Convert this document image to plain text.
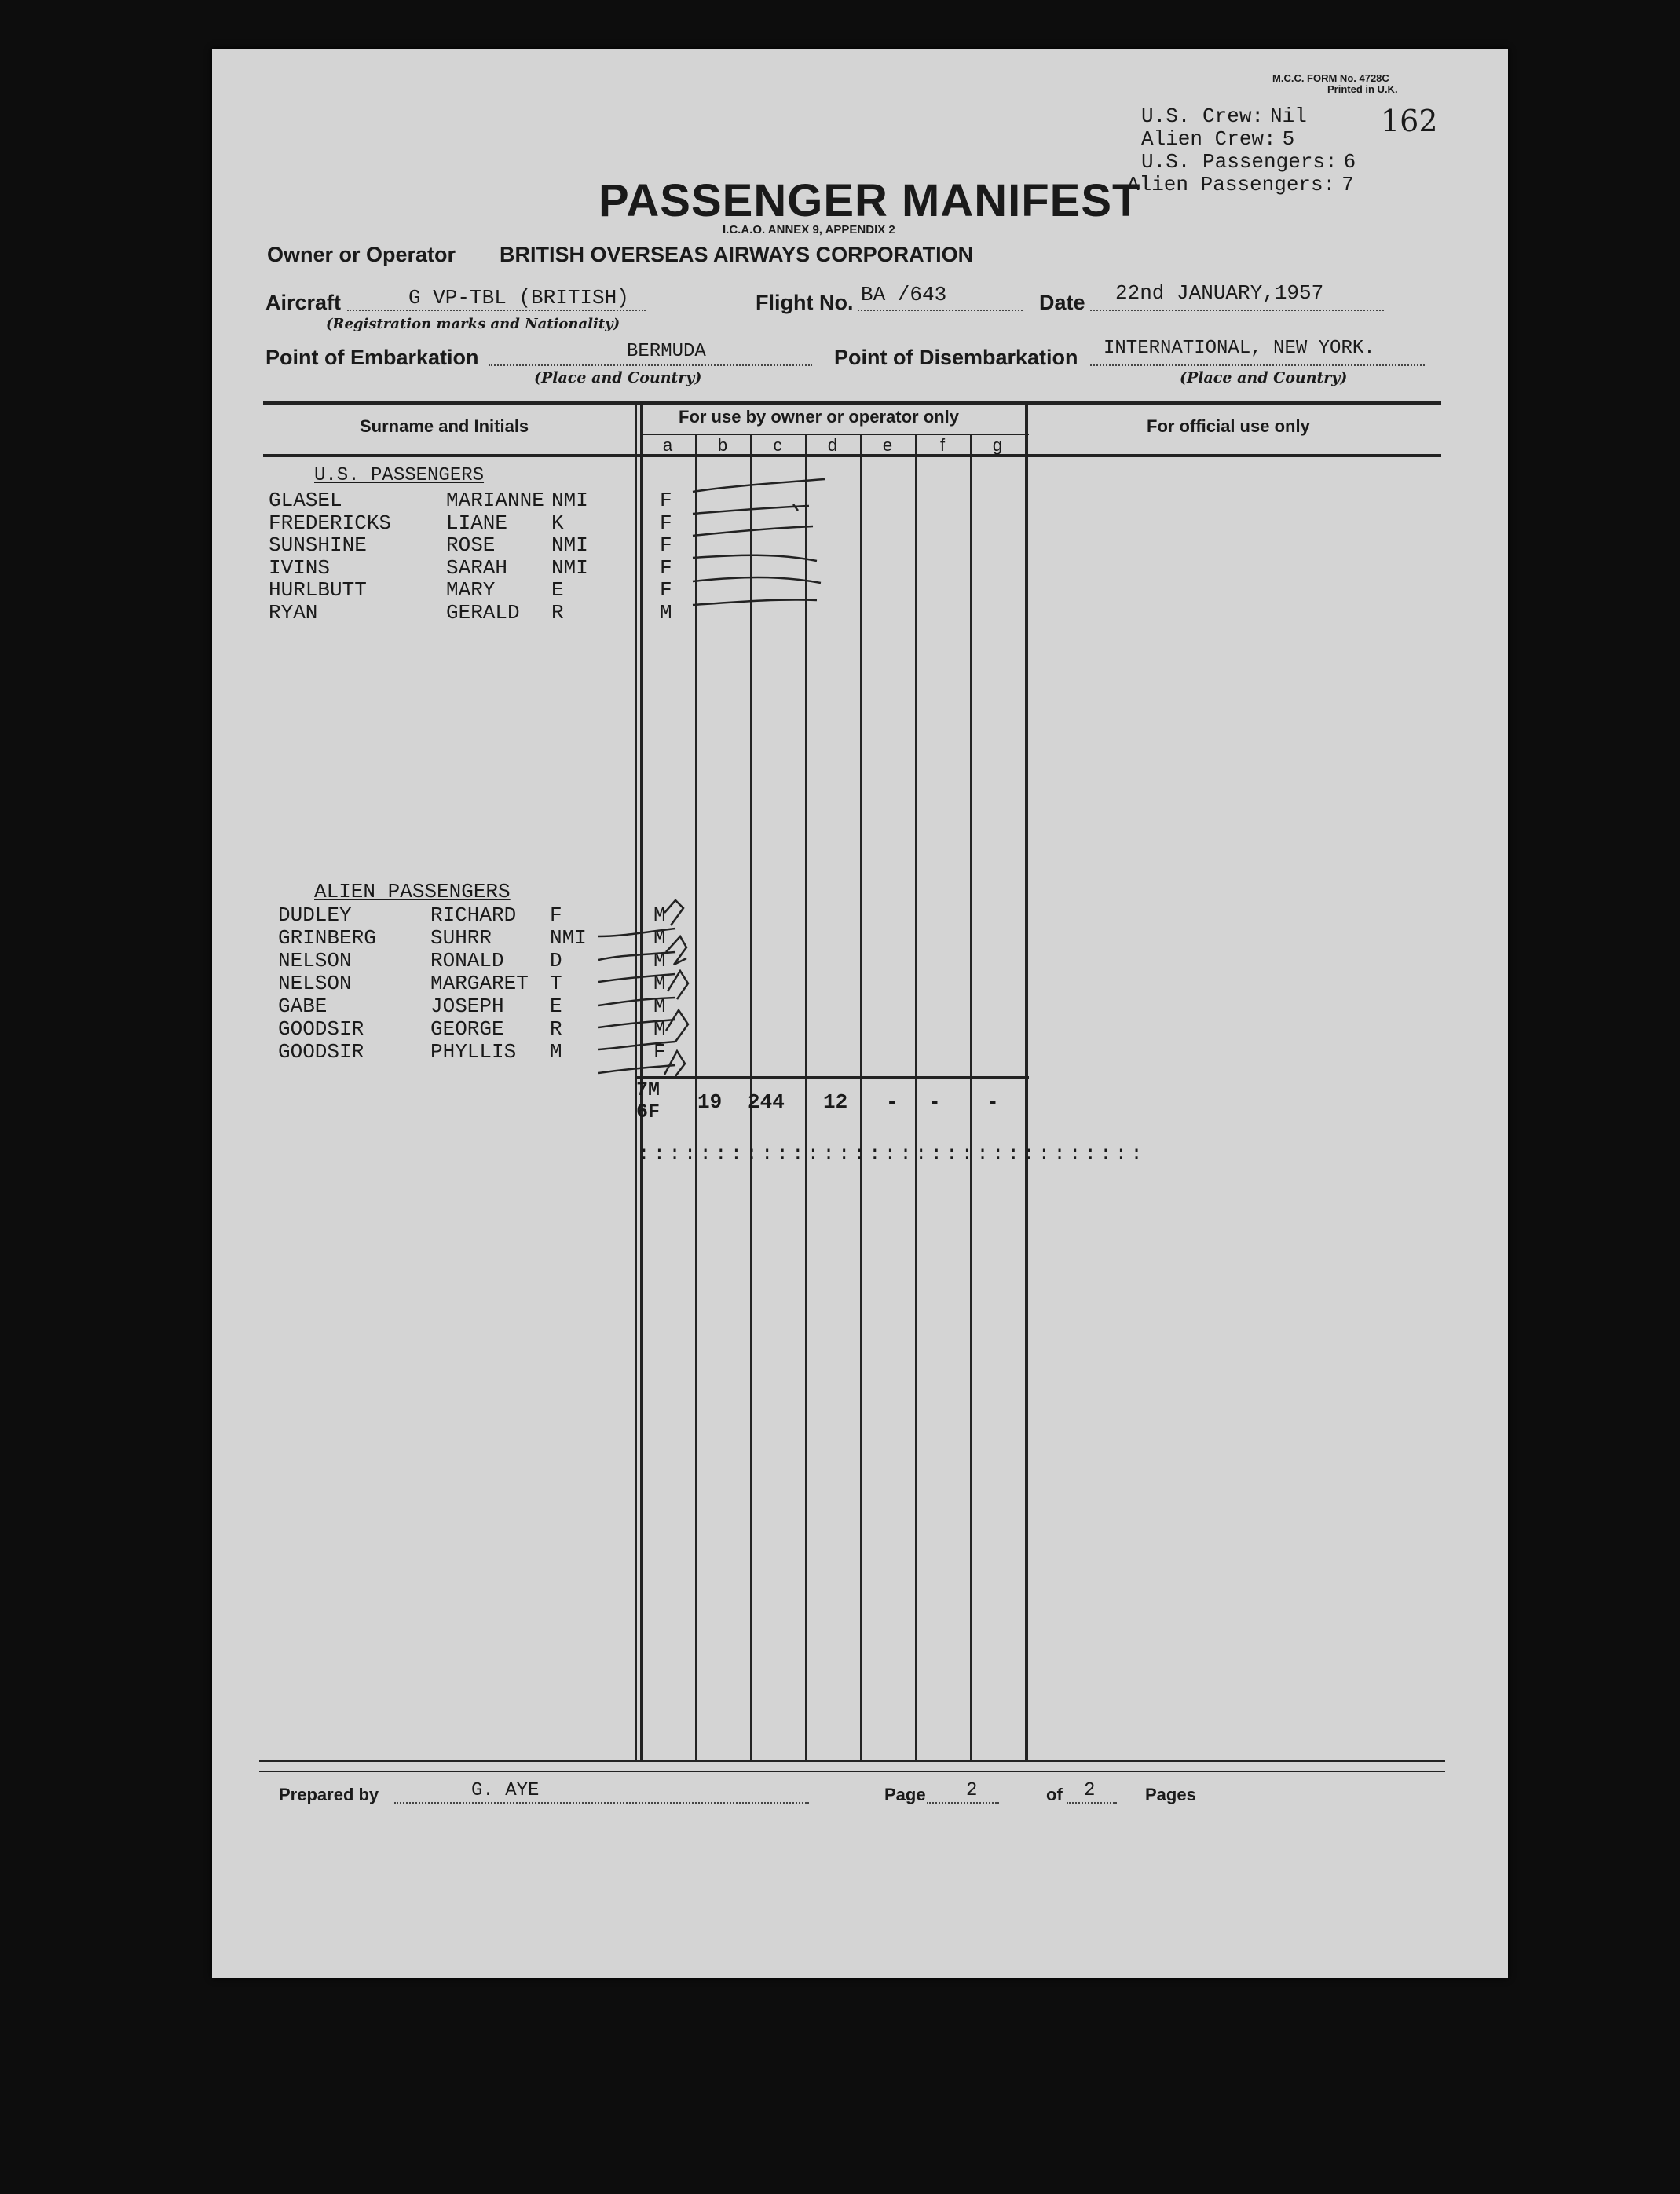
M.C.C. FORM No. 4728C
Printed in U.K.
162
U.S. Crew: Nil
Alien Crew: 5
U.S. Passengers: 6
Alien Passengers: 7
PASSENGER MANIFEST
I.C.A.O. ANNEX 9, APPENDIX 2
Owner or Operator BRITISH OVERSEAS AIRWAYS CORPORATION
Aircraft	G VP-TBL (BRITISH)
(Registration marks and Nationality)
Flight No. BA /643	Date 22nd JANUARY,1957
Point of Embarkation	BERMUDA
(Place and Country)
Point of Disembarkation INTERNATIONAL, NEW YORK.
(Place and Country)
Surname and Initials	For use by owner or operator only	For official use only
a	b	c	d	e	f	g
U.S. PASSENGERS
GLASEL	MARIANNE NMI	F
FREDERICKS	LIANE K	F
SUNSHINE	ROSE	NMI	F
IVINS	SARAH NMI	F
HURLBUTT	MARY	E	F
RYAN	GERALD R	M
ALIEN PASSENGERS
DUDLEY	RICHARD F	M
GRINBERG	SUHRR	NMI	M
NELSON	RONALD D	M
NELSON	MARGARET T	M
GABE	JOSEPH E	M
GOODSIR	GEORGE R	M
GOODSIR	PHYLLIS M	F
7M
6F 19 244 12 - - -
:::::::::::::::::::::::::::::::::
Prepared by	G. AYE	Page 2	of 2	Pages
